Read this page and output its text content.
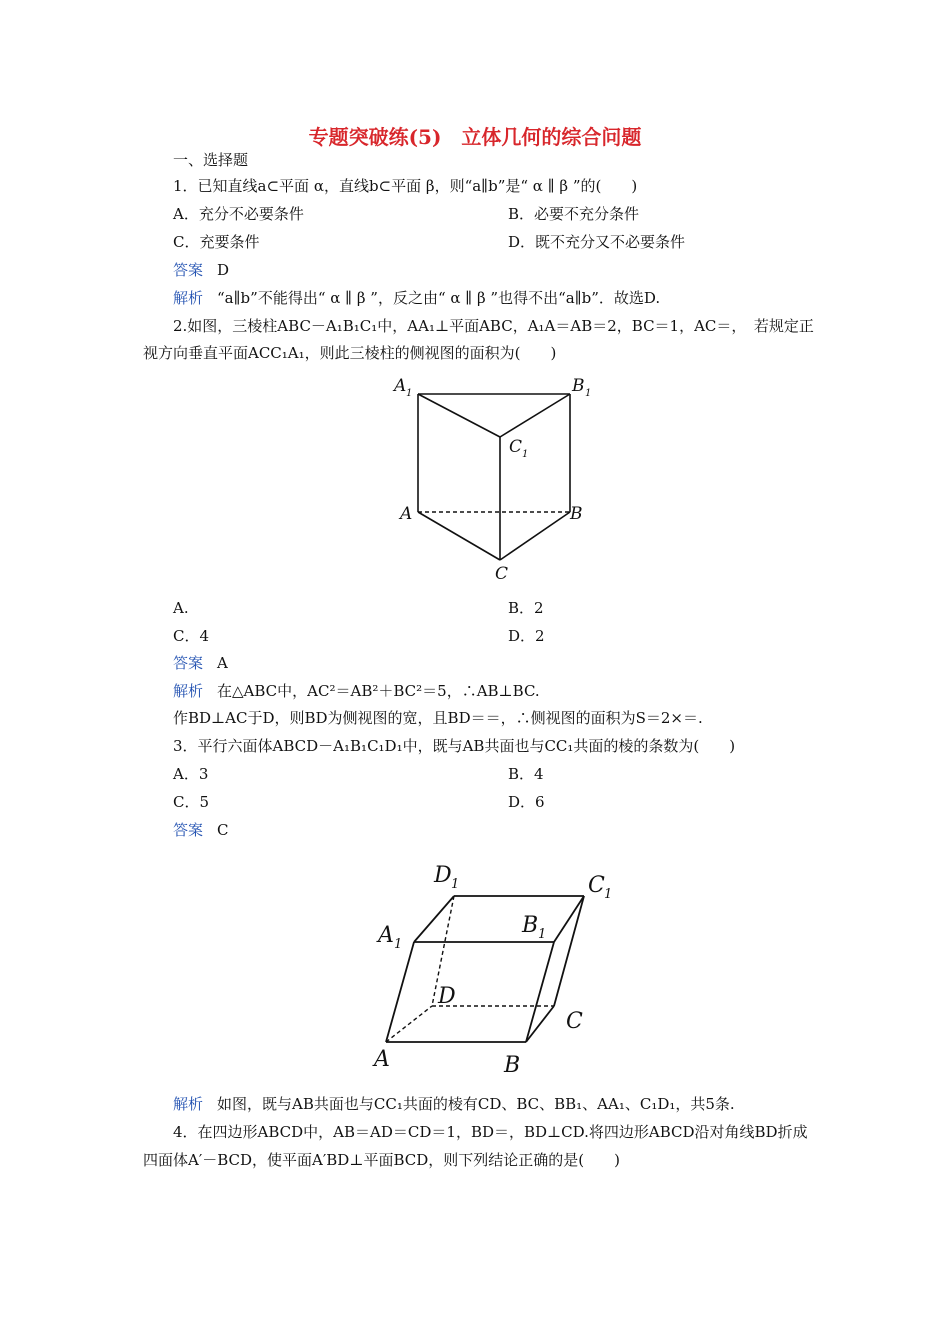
专题突破练(5)　立体几何的综合问题
一、选择题
1．已知直线a⊂平面 α，直线b⊂平面 β，则“a∥b”是“ α ∥ β ”的(　　)
A．充分不必要条件	B．必要不充分条件
C．充要条件	D．既不充分又不必要条件
答案 D
解析 “a∥b”不能得出“ α ∥ β ”，反之由“ α ∥ β ”也得不出“a∥b”．故选D.
2.如图，三棱柱ABC－A₁B₁C₁中，AA₁⊥平面ABC，A₁A＝AB＝2，BC＝1，AC＝，　若规定正
视方向垂直平面ACC₁A₁，则此三棱柱的侧视图的面积为(　　)
A 1	B 1
C 1
A	B
C
A.	B．2
C．4	D．2
答案 A
解析 在△ABC中，AC²＝AB²＋BC²＝5，∴AB⊥BC.
作BD⊥AC于D，则BD为侧视图的宽，且BD＝＝，∴侧视图的面积为S＝2×＝.
3．平行六面体ABCD－A₁B₁C₁D₁中，既与AB共面也与CC₁共面的棱的条数为(　　)
A．3	B．4
C．5	D．6
答案 C
D 1	C 1
A 1
B 1
D
C
A	B
解析 如图，既与AB共面也与CC₁共面的棱有CD、BC、BB₁、AA₁、C₁D₁，共5条.
4．在四边形ABCD中，AB＝AD＝CD＝1，BD＝，BD⊥CD.将四边形ABCD沿对角线BD折成
四面体A′－BCD，使平面A′BD⊥平面BCD，则下列结论正确的是(　　)
